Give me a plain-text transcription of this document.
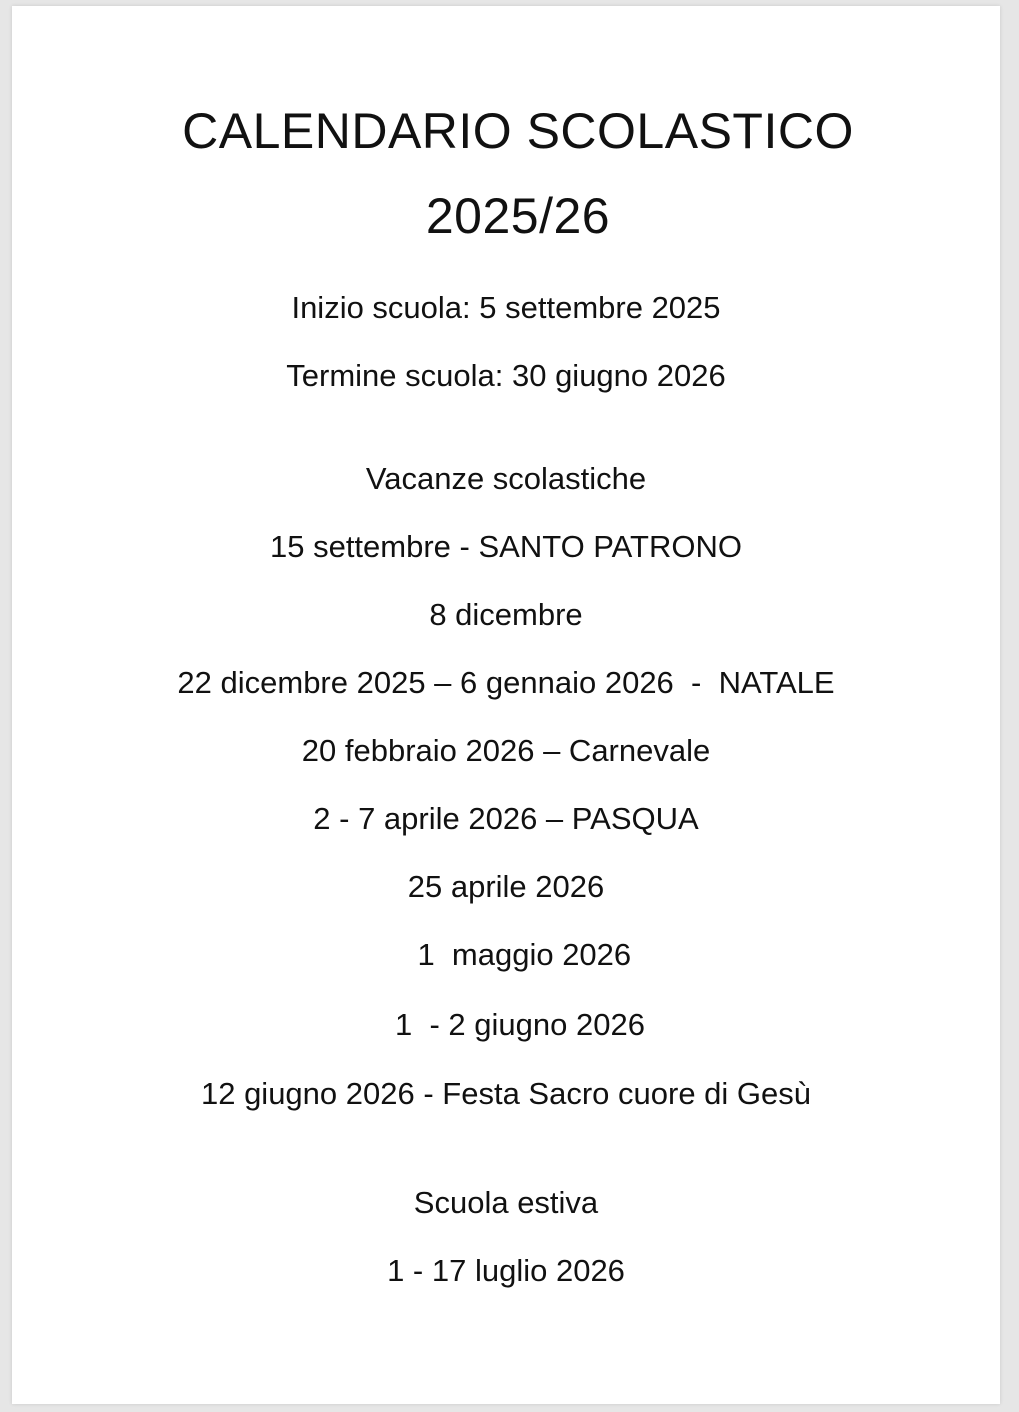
CALENDARIO SCOLASTICO
2025/26
Inizio scuola: 5 settembre 2025
Termine scuola: 30 giugno 2026
Vacanze scolastiche
15 settembre - SANTO PATRONO
8 dicembre
22 dicembre 2025 – 6 gennaio 2026  -  NATALE
20 febbraio 2026 – Carnevale
2 - 7 aprile 2026 – PASQUA
25 aprile 2026
1  maggio 2026
1  - 2 giugno 2026
12 giugno 2026 - Festa Sacro cuore di Gesù
Scuola estiva
1 - 17 luglio 2026
